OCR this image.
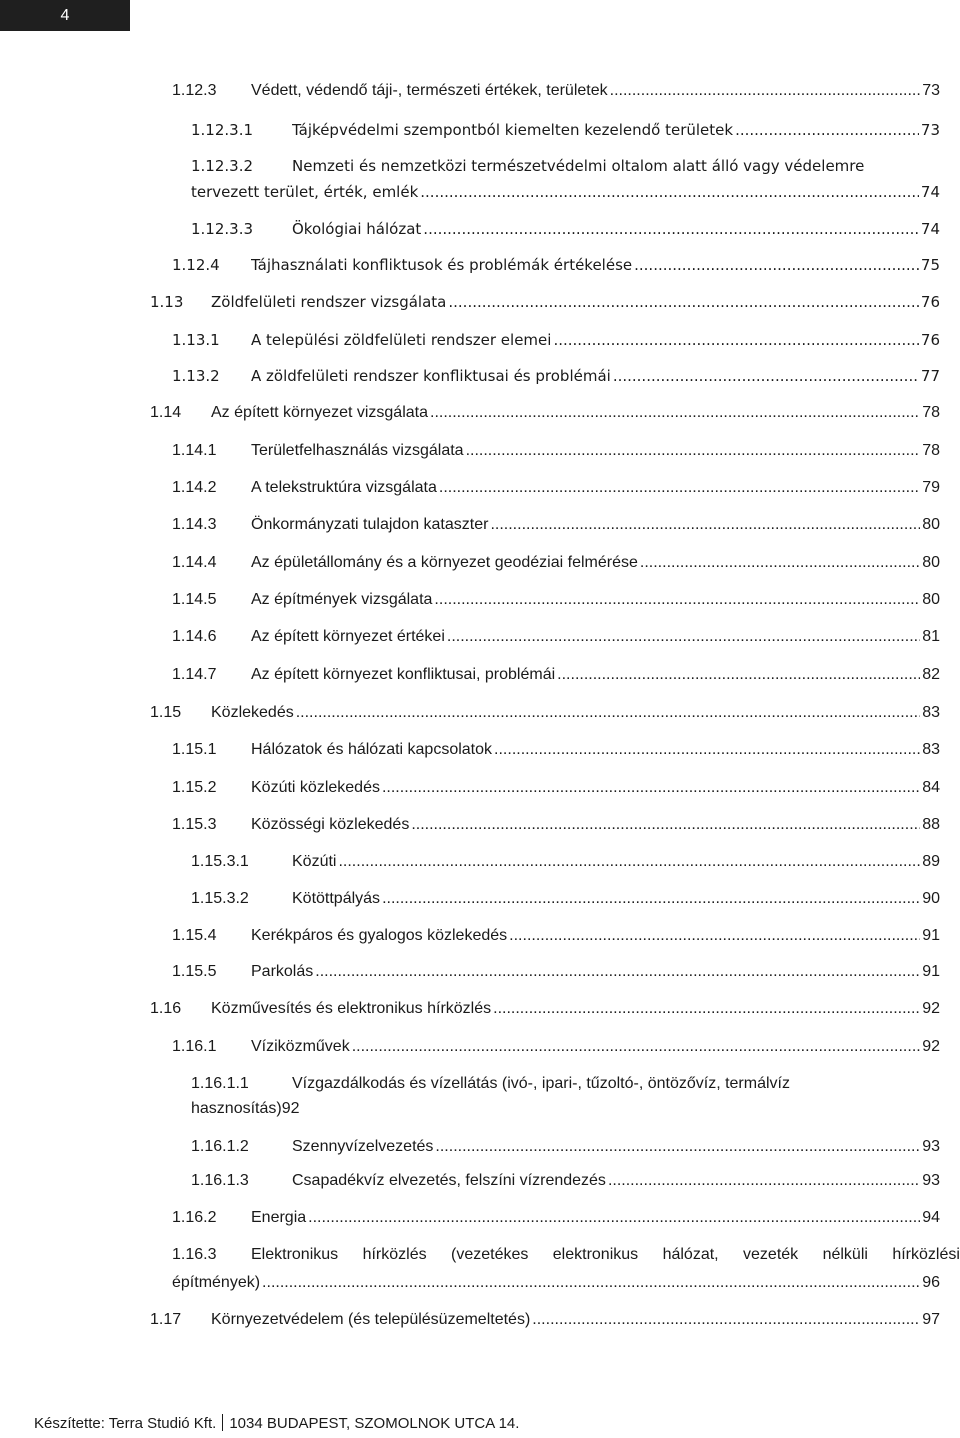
4
1.12.3 Védett, védendő táji-, természeti értékek, területek .....	73
1.12.3.1	Tájképvédelmi szempontból kiemelten kezelendő területek .....	73
1.12.3.2	Nemzeti és nemzetközi természetvédelmi oltalom alatt álló vagy védelemre
tervezett terület, érték, emlék .....	74
1.12.3.3	Ökológiai hálózat .....	74
1.12.4 Tájhasználati konfliktusok és problémák értékelése .....	75
1.13 Zöldfelületi rendszer vizsgálata .....	76
1.13.1 A települési zöldfelületi rendszer elemei .....	76
1.13.2 A zöldfelületi rendszer konfliktusai és problémái .....	77
1.14 Az épített környezet vizsgálata .....	78
1.14.1 Területfelhasználás vizsgálata .....	78
1.14.2 A telekstruktúra vizsgálata .....	79
1.14.3 Önkormányzati tulajdon kataszter .....	80
1.14.4 Az épületállomány és a környezet geodéziai felmérése .....	80
1.14.5 Az építmények vizsgálata .....	80
1.14.6 Az épített környezet értékei .....	81
1.14.7 Az épített környezet konfliktusai, problémái .....	82
1.15 Közlekedés .....	83
1.15.1 Hálózatok és hálózati kapcsolatok .....	83
1.15.2 Közúti közlekedés .....	84
1.15.3 Közösségi közlekedés .....	88
1.15.3.1	Közúti .....	89
1.15.3.2	Kötöttpályás .....	90
1.15.4 Kerékpáros és gyalogos közlekedés .....	91
1.15.5 Parkolás .....	91
1.16 Közművesítés és elektronikus hírközlés .....	92
1.16.1 Víziközművek .....	92
1.16.1.1	Vízgazdálkodás és vízellátás (ivó-, ipari-, tűzoltó-, öntözővíz, termálvíz
hasznosítás)92
1.16.1.2	Szennyvízelvezetés .....	93
1.16.1.3	Csapadékvíz elvezetés, felszíni vízrendezés .....	93
1.16.2 Energia .....	94
1.16.3 Elektronikus hírközlés (vezetékes elektronikus hálózat, vezeték nélküli hírközlési
építmények) .....	96
1.17 Környezetvédelem (és településüzemeltetés) .....	97
Készítette: Terra Studió Kft. 1034 BUDAPEST, SZOMOLNOK UTCA 14.
